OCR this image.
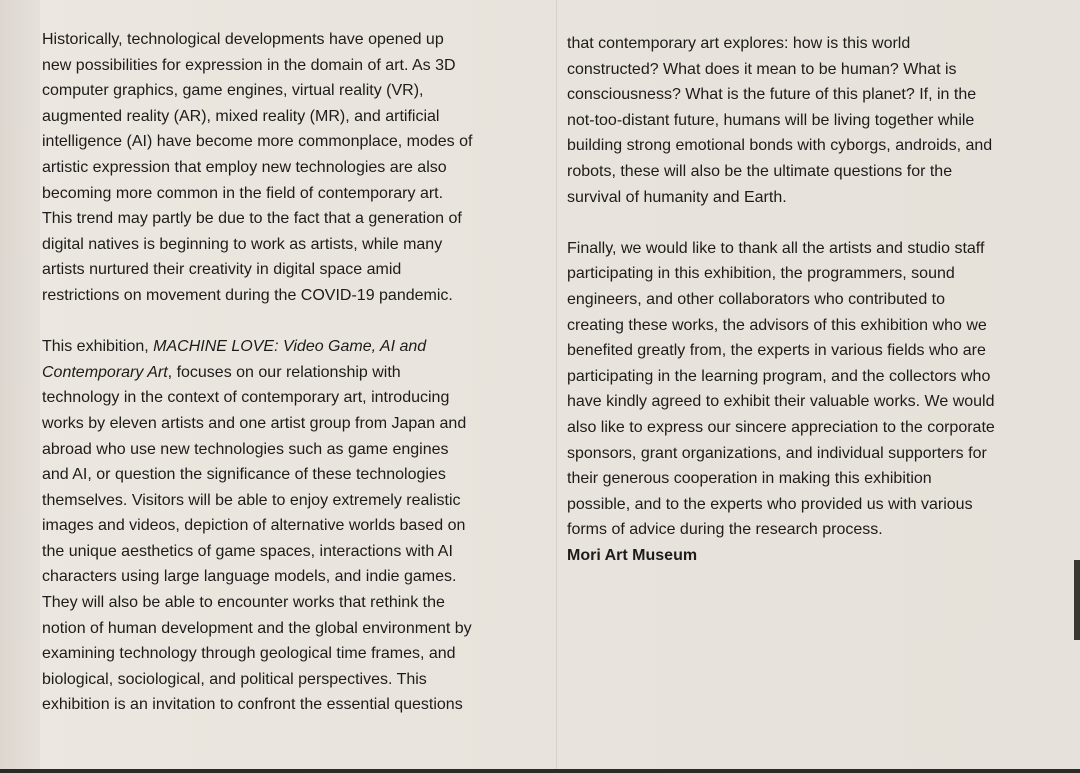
Historically, technological developments have opened up
new possibilities for expression in the domain of art. As 3D
computer graphics, game engines, virtual reality (VR),
augmented reality (AR), mixed reality (MR), and artificial
intelligence (AI) have become more commonplace, modes of
artistic expression that employ new technologies are also
becoming more common in the field of contemporary art.
This trend may partly be due to the fact that a generation of
digital natives is beginning to work as artists, while many
artists nurtured their creativity in digital space amid
restrictions on movement during the COVID-19 pandemic.

This exhibition, MACHINE LOVE: Video Game, AI and
Contemporary Art, focuses on our relationship with
technology in the context of contemporary art, introducing
works by eleven artists and one artist group from Japan and
abroad who use new technologies such as game engines
and AI, or question the significance of these technologies
themselves. Visitors will be able to enjoy extremely realistic
images and videos, depiction of alternative worlds based on
the unique aesthetics of game spaces, interactions with AI
characters using large language models, and indie games.
They will also be able to encounter works that rethink the
notion of human development and the global environment by
examining technology through geological time frames, and
biological, sociological, and political perspectives. This
exhibition is an invitation to confront the essential questions

that contemporary art explores: how is this world
constructed? What does it mean to be human? What is
consciousness? What is the future of this planet? If, in the
not-too-distant future, humans will be living together while
building strong emotional bonds with cyborgs, androids, and
robots, these will also be the ultimate questions for the
survival of humanity and Earth.

Finally, we would like to thank all the artists and studio staff
participating in this exhibition, the programmers, sound
engineers, and other collaborators who contributed to
creating these works, the advisors of this exhibition who we
benefited greatly from, the experts in various fields who are
participating in the learning program, and the collectors who
have kindly agreed to exhibit their valuable works. We would
also like to express our sincere appreciation to the corporate
sponsors, grant organizations, and individual supporters for
their generous cooperation in making this exhibition
possible, and to the experts who provided us with various
forms of advice during the research process.

Mori Art Museum
